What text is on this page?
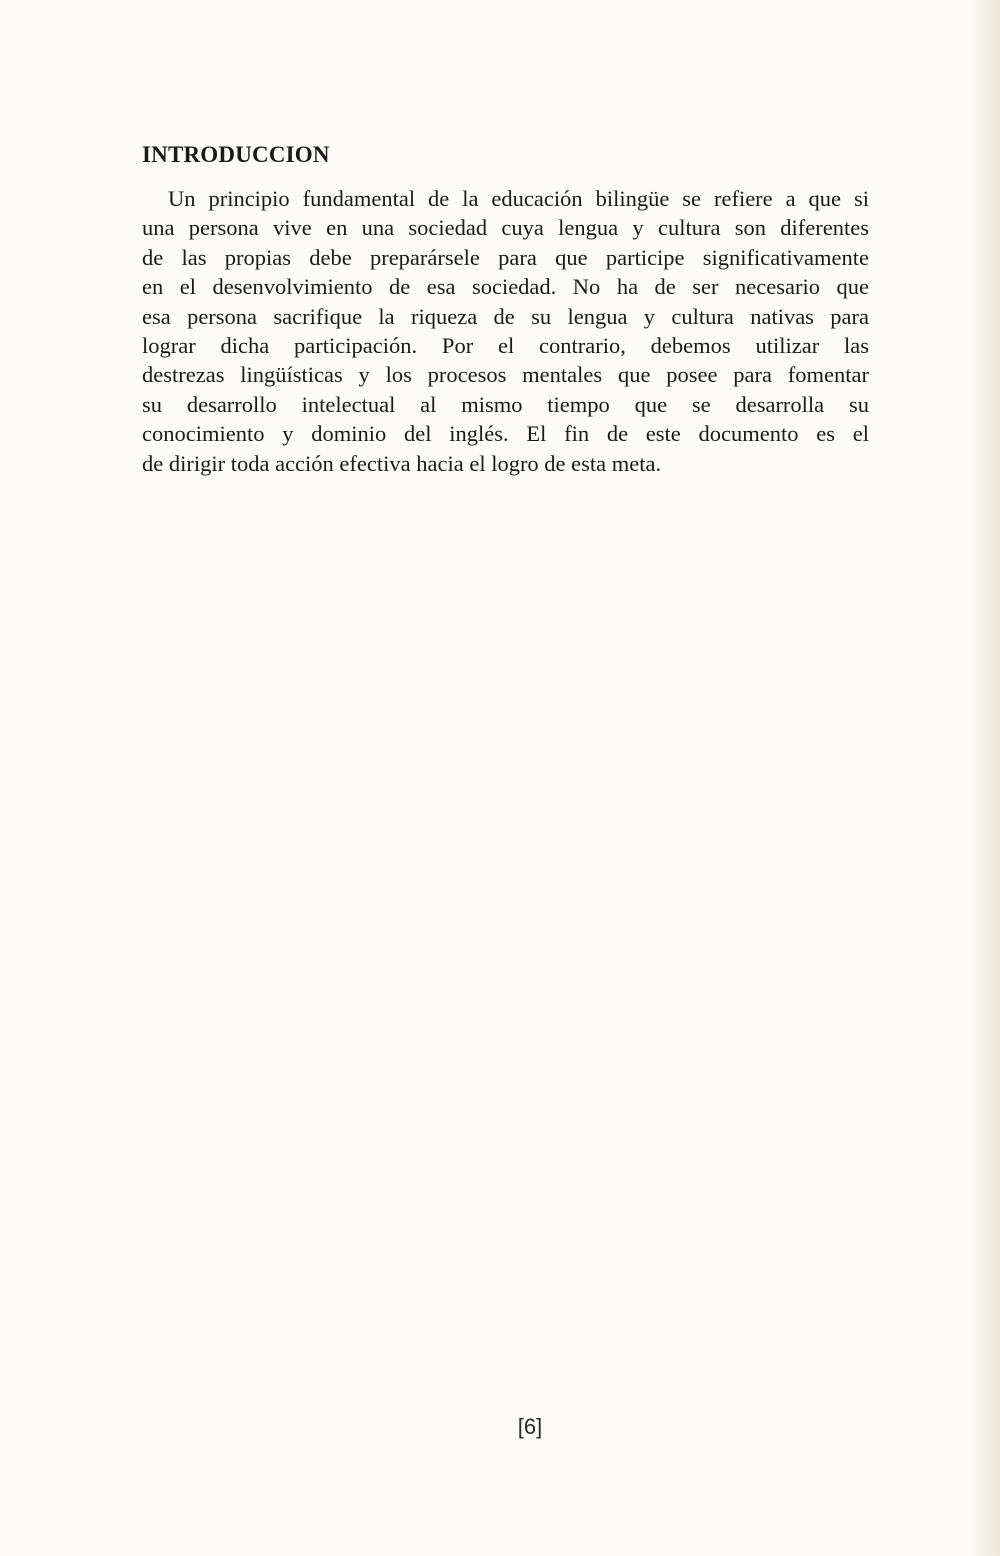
INTRODUCCION
Un principio fundamental de la educación bilingüe se refiere a que si
una persona vive en una sociedad cuya lengua y cultura son diferentes
de las propias debe preparársele para que participe significativamente
en el desenvolvimiento de esa sociedad. No ha de ser necesario que
esa persona sacrifique la riqueza de su lengua y cultura nativas para
lograr dicha participación. Por el contrario, debemos utilizar las
destrezas lingüísticas y los procesos mentales que posee para fomentar
su desarrollo intelectual al mismo tiempo que se desarrolla su
conocimiento y dominio del inglés. El fin de este documento es el
de dirigir toda acción efectiva hacia el logro de esta meta.
[6]
